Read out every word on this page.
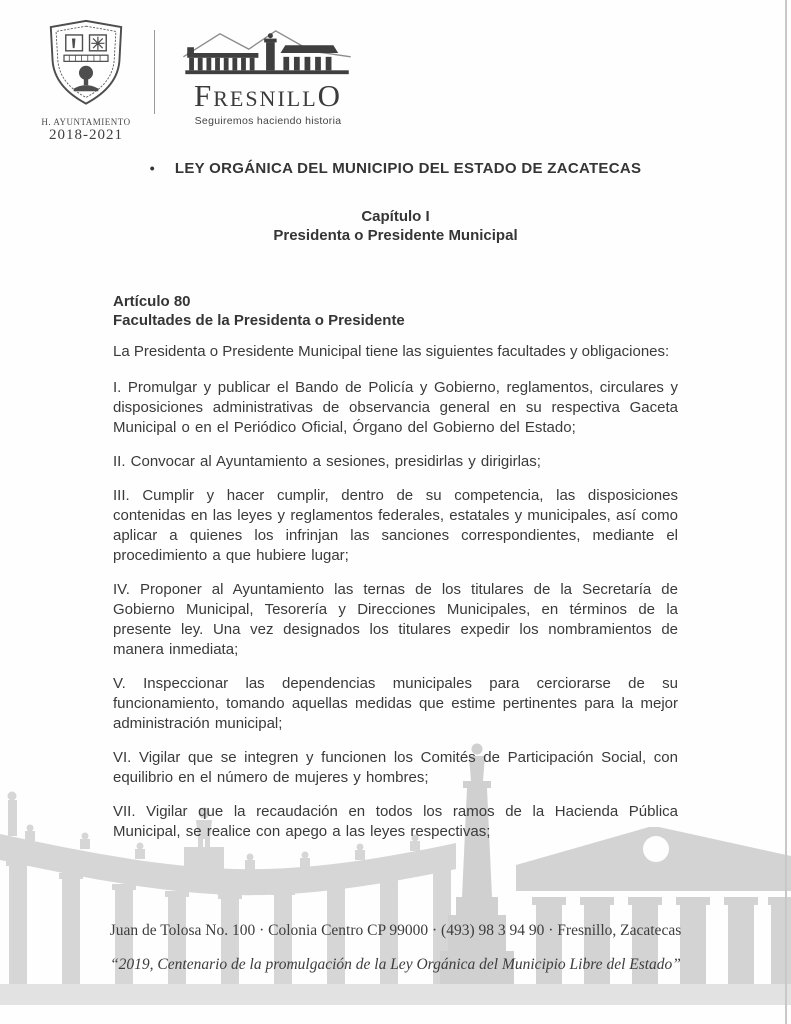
H. AYUNTAMIENTO
2018-2021
FRESNILLO
Seguiremos haciendo historia
• LEY ORGÁNICA DEL MUNICIPIO DEL ESTADO DE ZACATECAS
Capítulo I
Presidenta o Presidente Municipal
Artículo 80
Facultades de la Presidenta o Presidente

La Presidenta o Presidente Municipal tiene las siguientes facultades y obligaciones:

I. Promulgar y publicar el Bando de Policía y Gobierno, reglamentos, circulares y disposiciones administrativas de observancia general en su respectiva Gaceta Municipal o en el Periódico Oficial, Órgano del Gobierno del Estado;

II. Convocar al Ayuntamiento a sesiones, presidirlas y dirigirlas;

III. Cumplir y hacer cumplir, dentro de su competencia, las disposiciones contenidas en las leyes y reglamentos federales, estatales y municipales, así como aplicar a quienes los infrinjan las sanciones correspondientes, mediante el procedimiento a que hubiere lugar;

IV. Proponer al Ayuntamiento las ternas de los titulares de la Secretaría de Gobierno Municipal, Tesorería y Direcciones Municipales, en términos de la presente ley. Una vez designados los titulares expedir los nombramientos de manera inmediata;

V. Inspeccionar las dependencias municipales para cerciorarse de su funcionamiento, tomando aquellas medidas que estime pertinentes para la mejor administración municipal;

VI. Vigilar que se integren y funcionen los Comités de Participación Social, con equilibrio en el número de mujeres y hombres;

VII. Vigilar que la recaudación en todos los ramos de la Hacienda Pública Municipal, se realice con apego a las leyes respectivas;

Juan de Tolosa No. 100 · Colonia Centro CP 99000 · (493) 98 3 94 90 · Fresnillo, Zacatecas
“2019, Centenario de la promulgación de la Ley Orgánica del Municipio Libre del Estado”
